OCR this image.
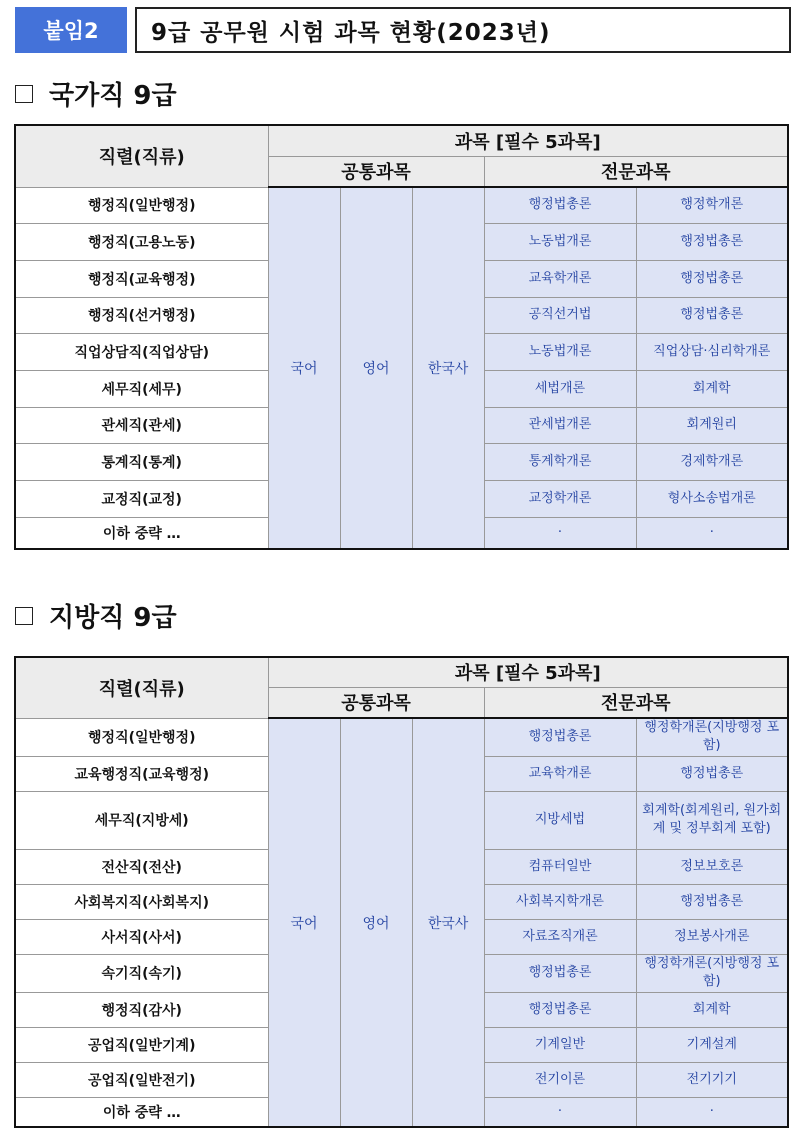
붙임2	9급 공무원 시험 과목 현황(2023년)
국가직 9급
직렬(직류)	과목 [필수 5과목]				
	공통과목			전문과목	
행정직(일반행정)	국어	영어	한국사	행정법총론	행정학개론
행정직(고용노동)				노동법개론	행정법총론
행정직(교육행정)				교육학개론	행정법총론
행정직(선거행정)				공직선거법	행정법총론
직업상담직(직업상담)				노동법개론	직업상담·심리학개론
세무직(세무)				세법개론	회계학
관세직(관세)				관세법개론	회계원리
통계직(통계)				통계학개론	경제학개론
교정직(교정)				교정학개론	형사소송법개론
이하 중략 …				·	·
지방직 9급
직렬(직류)	과목 [필수 5과목]				
	공통과목			전문과목	
행정직(일반행정)	국어	영어	한국사	행정법총론	행정학개론(지방행정 포함)
교육행정직(교육행정)				교육학개론	행정법총론
세무직(지방세)				지방세법	회계학(회계원리, 원가회계 및 정부회계 포함)
전산직(전산)				컴퓨터일반	정보보호론
사회복지직(사회복지)				사회복지학개론	행정법총론
사서직(사서)				자료조직개론	정보봉사개론
속기직(속기)				행정법총론	행정학개론(지방행정 포함)
행정직(감사)				행정법총론	회계학
공업직(일반기계)				기계일반	기계설계
공업직(일반전기)				전기이론	전기기기
이하 중략 …				·	·
